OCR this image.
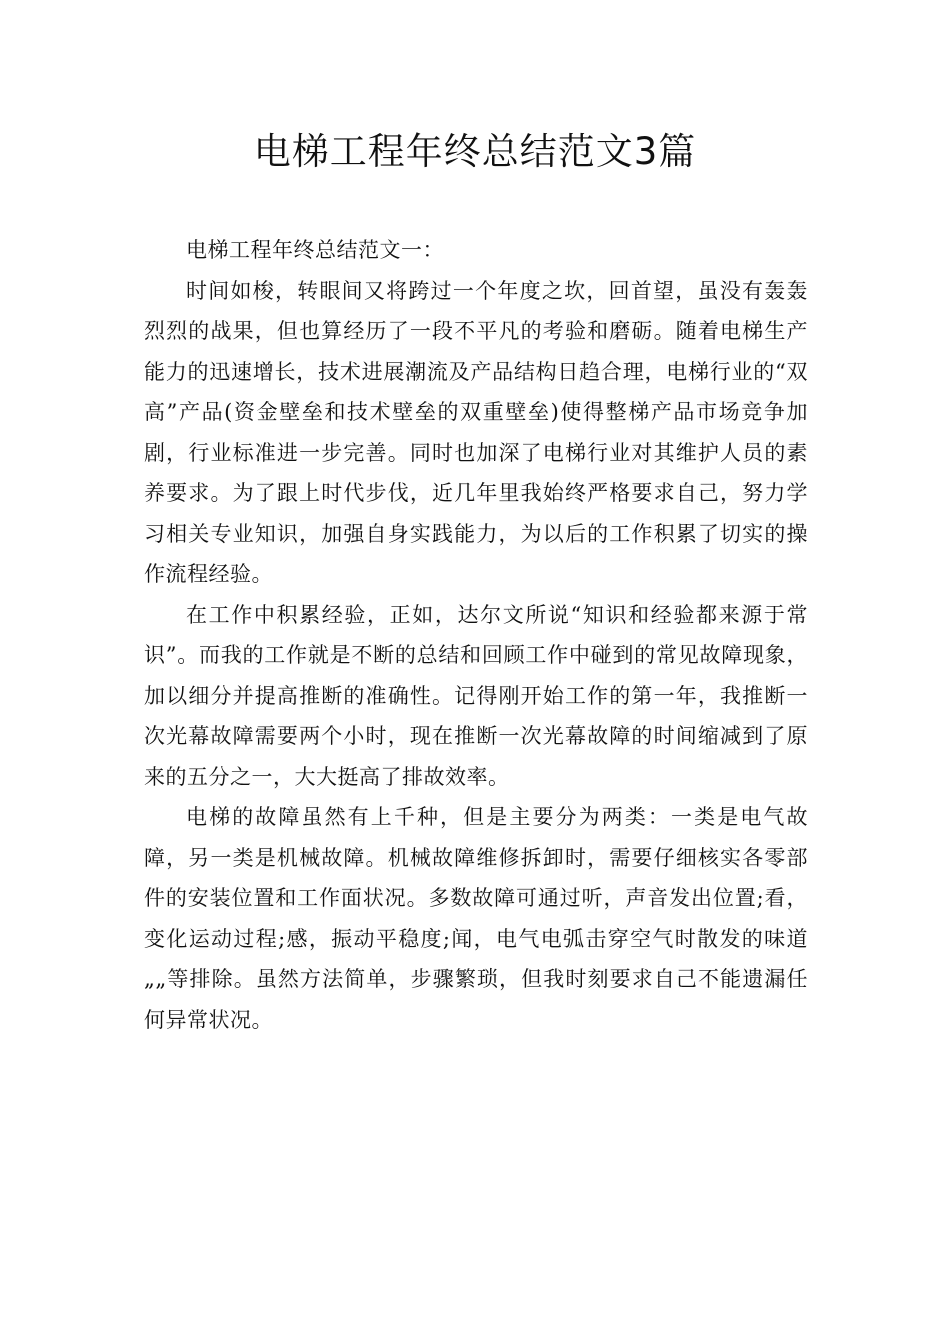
电梯工程年终总结范文3篇

电梯工程年终总结范文一：

时间如梭，转眼间又将跨过一个年度之坎，回首望，虽没有轰轰烈烈的战果，但也算经历了一段不平凡的考验和磨砺。随着电梯生产能力的迅速增长，技术进展潮流及产品结构日趋合理，电梯行业的“双高”产品(资金壁垒和技术壁垒的双重壁垒)使得整梯产品市场竞争加剧，行业标准进一步完善。同时也加深了电梯行业对其维护人员的素养要求。为了跟上时代步伐，近几年里我始终严格要求自己，努力学习相关专业知识，加强自身实践能力，为以后的工作积累了切实的操作流程经验。

在工作中积累经验，正如，达尔文所说“知识和经验都来源于常识”。而我的工作就是不断的总结和回顾工作中碰到的常见故障现象，加以细分并提高推断的准确性。记得刚开始工作的第一年，我推断一次光幕故障需要两个小时，现在推断一次光幕故障的时间缩减到了原来的五分之一，大大挺高了排故效率。

电梯的故障虽然有上千种，但是主要分为两类：一类是电气故障，另一类是机械故障。机械故障维修拆卸时，需要仔细核实各零部件的安装位置和工作面状况。多数故障可通过听，声音发出位置;看，变化运动过程;感，振动平稳度;闻，电气电弧击穿空气时散发的味道„„等排除。虽然方法简单，步骤繁琐，但我时刻要求自己不能遗漏任何异常状况。
